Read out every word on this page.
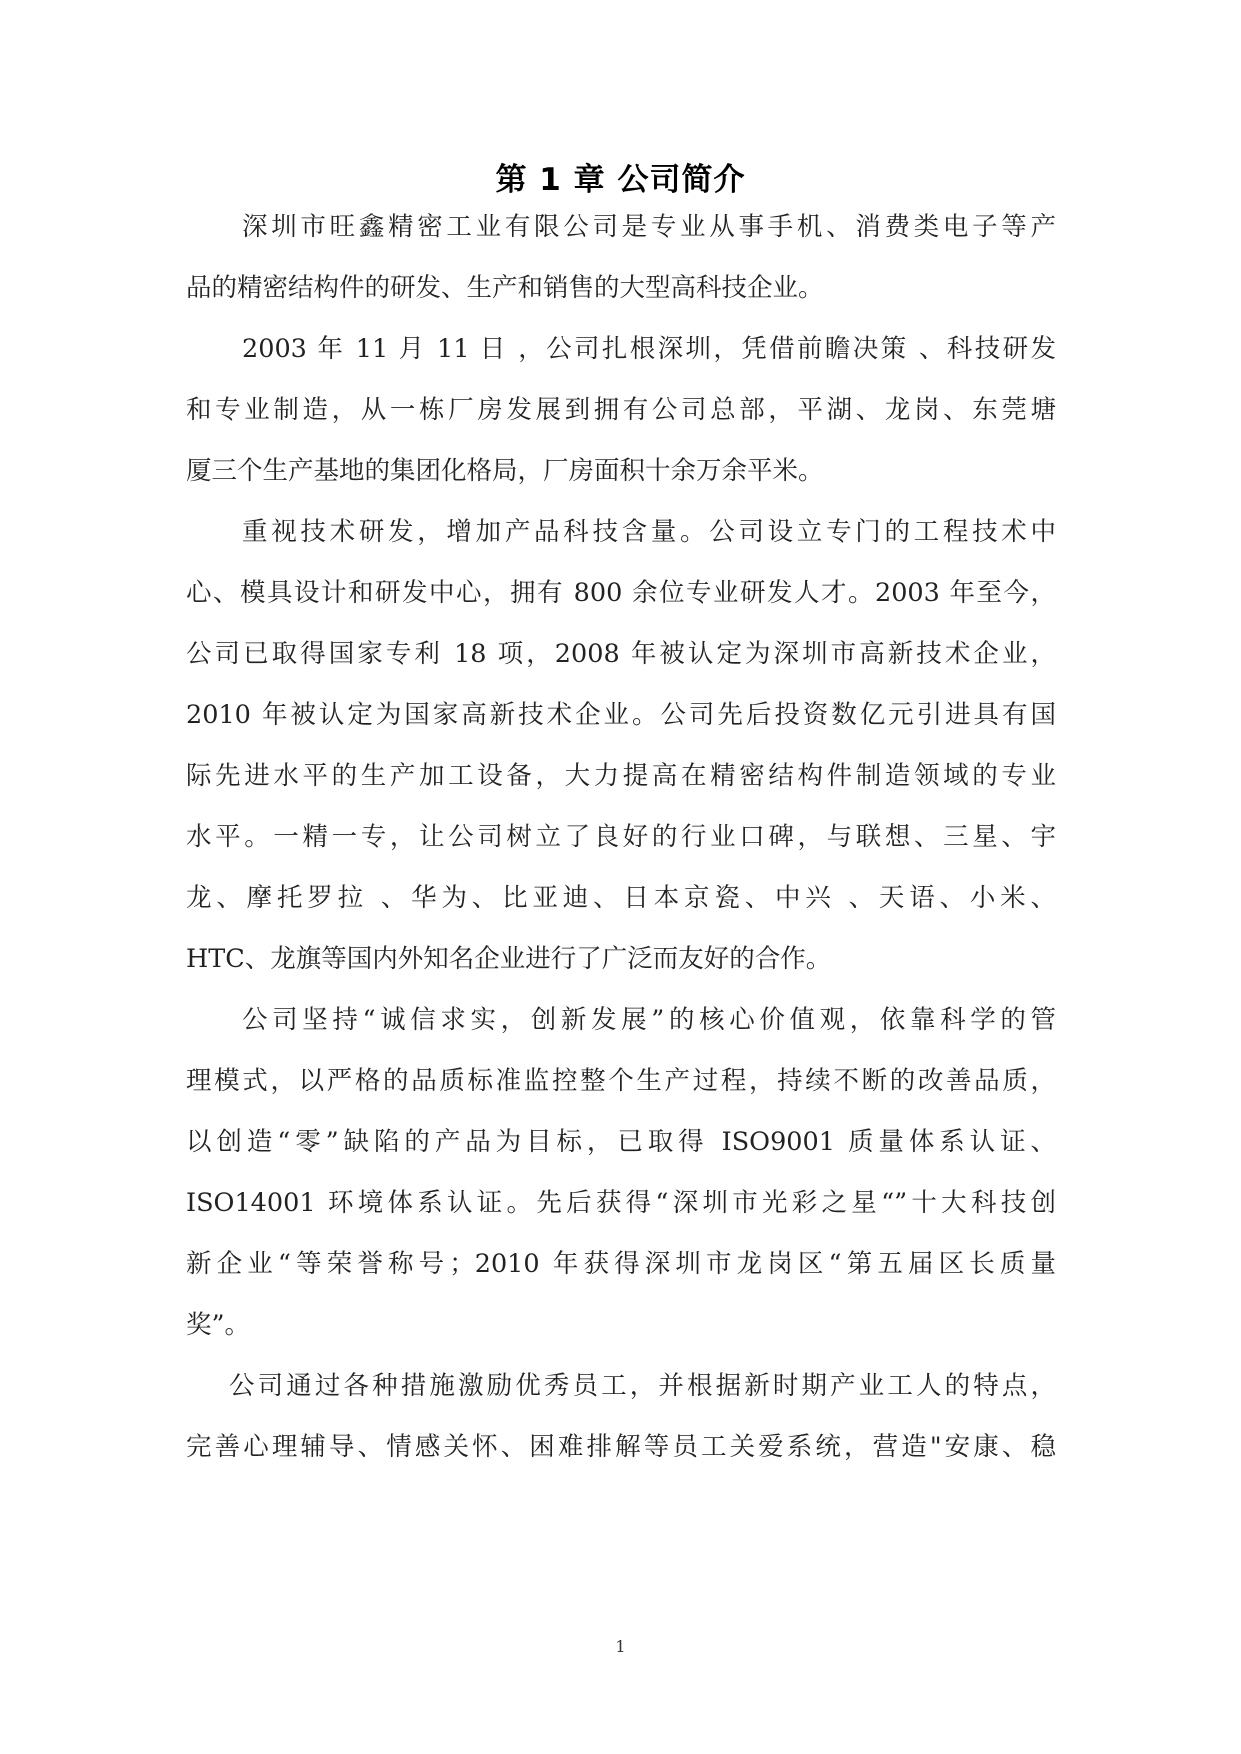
第 1 章 公司简介
深圳市旺鑫精密工业有限公司是专业从事手机、消费类电子等产
品的精密结构件的研发、生产和销售的大型高科技企业。
2003 年 11 月 11 日 ，公司扎根深圳，凭借前瞻决策 、科技研发
和专业制造，从一栋厂房发展到拥有公司总部，平湖、龙岗、东莞塘
厦三个生产基地的集团化格局，厂房面积十余万余平米。
重视技术研发，增加产品科技含量。公司设立专门的工程技术中
心、模具设计和研发中心，拥有 800 余位专业研发人才。2003 年至今，
公司已取得国家专利 18 项，2008 年被认定为深圳市高新技术企业，
2010 年被认定为国家高新技术企业。公司先后投资数亿元引进具有国
际先进水平的生产加工设备，大力提高在精密结构件制造领域的专业
水平。一精一专，让公司树立了良好的行业口碑，与联想、三星、宇
龙、摩托罗拉 、华为、比亚迪、日本京瓷、中兴 、天语、小米、
HTC、龙旗等国内外知名企业进行了广泛而友好的合作。
公司坚持“诚信求实，创新发展”的核心价值观，依靠科学的管
理模式，以严格的品质标准监控整个生产过程，持续不断的改善品质，
以创造“零”缺陷的产品为目标，已取得 ISO9001 质量体系认证、
ISO14001 环境体系认证。先后获得“深圳市光彩之星“”十大科技创
新企业“等荣誉称号；2010 年获得深圳市龙岗区“第五届区长质量
奖”。
公司通过各种措施激励优秀员工，并根据新时期产业工人的特点，
完善心理辅导、情感关怀、困难排解等员工关爱系统，营造"安康、稳
1
